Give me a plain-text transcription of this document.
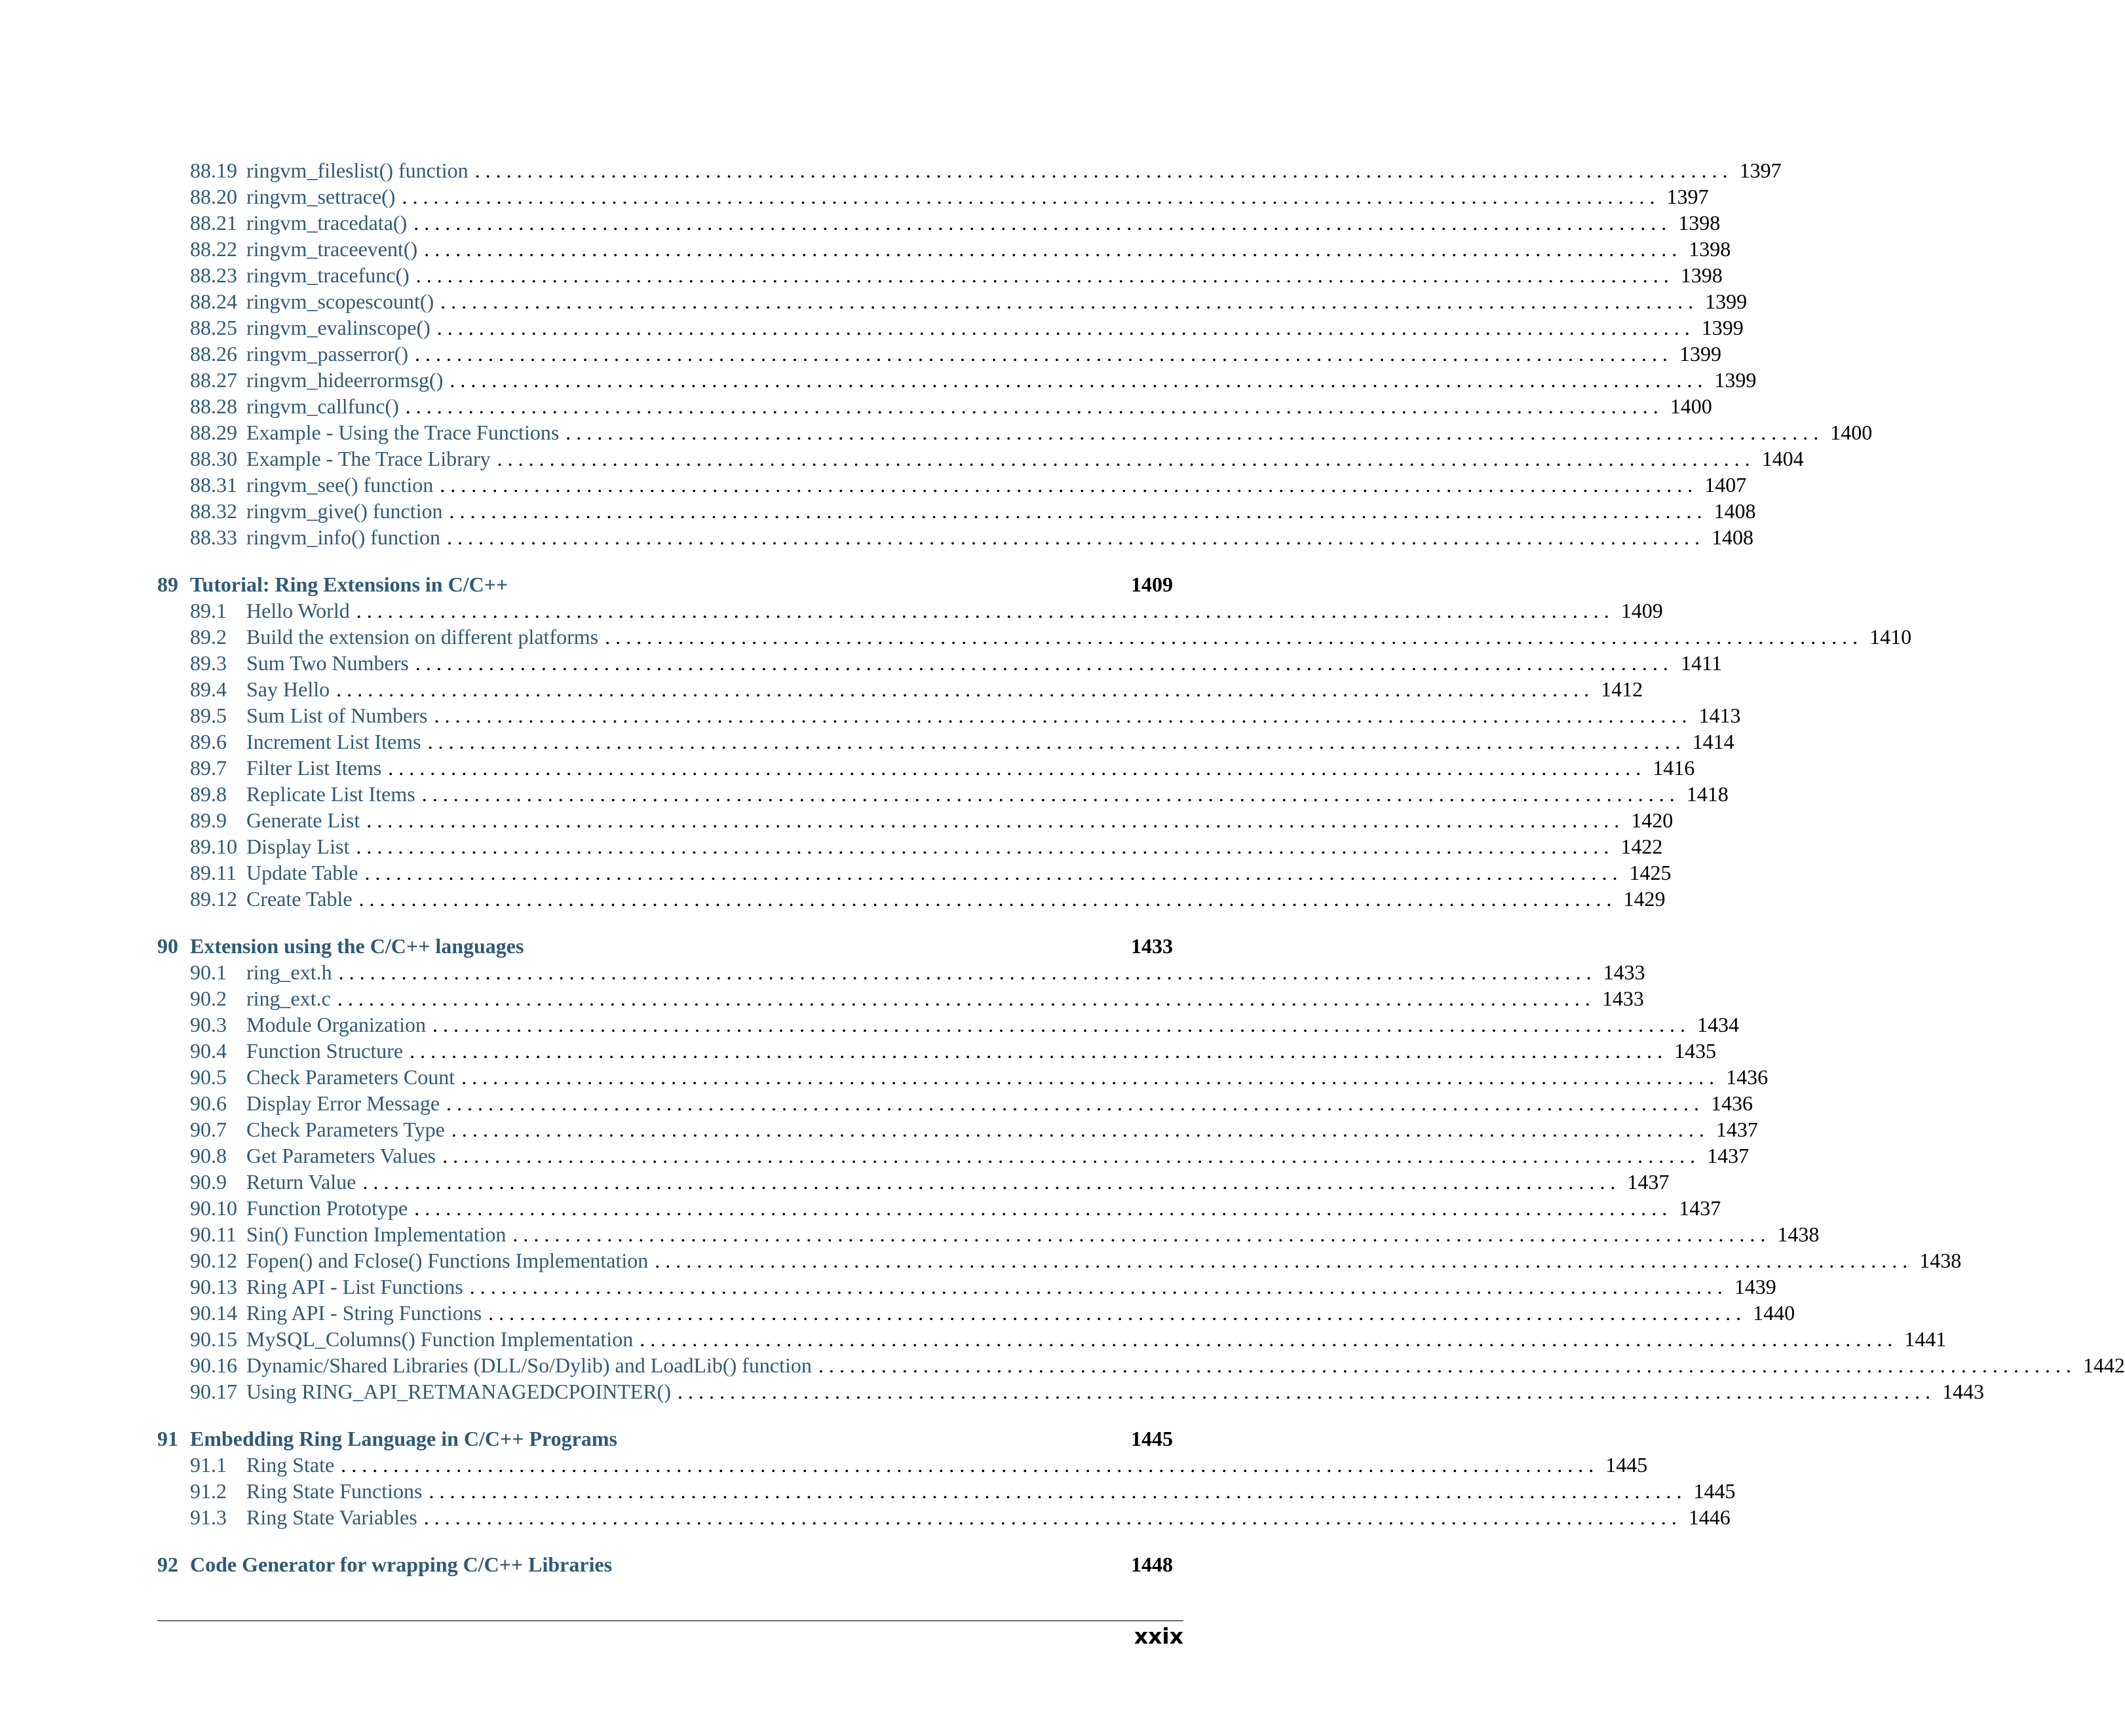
88.19 ringvm_fileslist() function . . . . . . . . . . . . . . . . . . . . . . . . . . . . . . . . . . . . . . . . . . . . . . . . . . . . . . . . . . . . . . . . . . . . . . . . . . . . . . . . . . . . . . . . . . . . . . . . . . . . . . . . . . . . . . . . . . . . . . . . 1397
88.20 ringvm_settrace() . . . . . . . . . . . . . . . . . . . . . . . . . . . . . . . . . . . . . . . . . . . . . . . . . . . . . . . . . . . . . . . . . . . . . . . . . . . . . . . . . . . . . . . . . . . . . . . . . . . . . . . . . . . . . . . . . . . . . . . . 1397
88.21 ringvm_tracedata() . . . . . . . . . . . . . . . . . . . . . . . . . . . . . . . . . . . . . . . . . . . . . . . . . . . . . . . . . . . . . . . . . . . . . . . . . . . . . . . . . . . . . . . . . . . . . . . . . . . . . . . . . . . . . . . . . . . . . . . . 1398
88.22 ringvm_traceevent() . . . . . . . . . . . . . . . . . . . . . . . . . . . . . . . . . . . . . . . . . . . . . . . . . . . . . . . . . . . . . . . . . . . . . . . . . . . . . . . . . . . . . . . . . . . . . . . . . . . . . . . . . . . . . . . . . . . . . . . . 1398
88.23 ringvm_tracefunc() . . . . . . . . . . . . . . . . . . . . . . . . . . . . . . . . . . . . . . . . . . . . . . . . . . . . . . . . . . . . . . . . . . . . . . . . . . . . . . . . . . . . . . . . . . . . . . . . . . . . . . . . . . . . . . . . . . . . . . . . 1398
88.24 ringvm_scopescount() . . . . . . . . . . . . . . . . . . . . . . . . . . . . . . . . . . . . . . . . . . . . . . . . . . . . . . . . . . . . . . . . . . . . . . . . . . . . . . . . . . . . . . . . . . . . . . . . . . . . . . . . . . . . . . . . . . . . . . . . 1399
88.25 ringvm_evalinscope() . . . . . . . . . . . . . . . . . . . . . . . . . . . . . . . . . . . . . . . . . . . . . . . . . . . . . . . . . . . . . . . . . . . . . . . . . . . . . . . . . . . . . . . . . . . . . . . . . . . . . . . . . . . . . . . . . . . . . . . . 1399
88.26 ringvm_passerror() . . . . . . . . . . . . . . . . . . . . . . . . . . . . . . . . . . . . . . . . . . . . . . . . . . . . . . . . . . . . . . . . . . . . . . . . . . . . . . . . . . . . . . . . . . . . . . . . . . . . . . . . . . . . . . . . . . . . . . . . 1399
88.27 ringvm_hideerrormsg() . . . . . . . . . . . . . . . . . . . . . . . . . . . . . . . . . . . . . . . . . . . . . . . . . . . . . . . . . . . . . . . . . . . . . . . . . . . . . . . . . . . . . . . . . . . . . . . . . . . . . . . . . . . . . . . . . . . . . . . . 1399
88.28 ringvm_callfunc() . . . . . . . . . . . . . . . . . . . . . . . . . . . . . . . . . . . . . . . . . . . . . . . . . . . . . . . . . . . . . . . . . . . . . . . . . . . . . . . . . . . . . . . . . . . . . . . . . . . . . . . . . . . . . . . . . . . . . . . . 1400
88.29 Example - Using the Trace Functions . . . . . . . . . . . . . . . . . . . . . . . . . . . . . . . . . . . . . . . . . . . . . . . . . . . . . . . . . . . . . . . . . . . . . . . . . . . . . . . . . . . . . . . . . . . . . . . . . . . . . . . . . . . . . . . . . . . . . . . . 1400
88.30 Example - The Trace Library . . . . . . . . . . . . . . . . . . . . . . . . . . . . . . . . . . . . . . . . . . . . . . . . . . . . . . . . . . . . . . . . . . . . . . . . . . . . . . . . . . . . . . . . . . . . . . . . . . . . . . . . . . . . . . . . . . . . . . . . 1404
88.31 ringvm_see() function . . . . . . . . . . . . . . . . . . . . . . . . . . . . . . . . . . . . . . . . . . . . . . . . . . . . . . . . . . . . . . . . . . . . . . . . . . . . . . . . . . . . . . . . . . . . . . . . . . . . . . . . . . . . . . . . . . . . . . . . 1407
88.32 ringvm_give() function . . . . . . . . . . . . . . . . . . . . . . . . . . . . . . . . . . . . . . . . . . . . . . . . . . . . . . . . . . . . . . . . . . . . . . . . . . . . . . . . . . . . . . . . . . . . . . . . . . . . . . . . . . . . . . . . . . . . . . . . 1408
88.33 ringvm_info() function . . . . . . . . . . . . . . . . . . . . . . . . . . . . . . . . . . . . . . . . . . . . . . . . . . . . . . . . . . . . . . . . . . . . . . . . . . . . . . . . . . . . . . . . . . . . . . . . . . . . . . . . . . . . . . . . . . . . . . . . 1408
89 Tutorial: Ring Extensions in C/C++	1409
89.1 Hello World . . . . . . . . . . . . . . . . . . . . . . . . . . . . . . . . . . . . . . . . . . . . . . . . . . . . . . . . . . . . . . . . . . . . . . . . . . . . . . . . . . . . . . . . . . . . . . . . . . . . . . . . . . . . . . . . . . . . . . . . 1409
89.2 Build the extension on different platforms . . . . . . . . . . . . . . . . . . . . . . . . . . . . . . . . . . . . . . . . . . . . . . . . . . . . . . . . . . . . . . . . . . . . . . . . . . . . . . . . . . . . . . . . . . . . . . . . . . . . . . . . . . . . . . . . . . . . . . . . 1410
89.3 Sum Two Numbers . . . . . . . . . . . . . . . . . . . . . . . . . . . . . . . . . . . . . . . . . . . . . . . . . . . . . . . . . . . . . . . . . . . . . . . . . . . . . . . . . . . . . . . . . . . . . . . . . . . . . . . . . . . . . . . . . . . . . . . . 1411
89.4 Say Hello . . . . . . . . . . . . . . . . . . . . . . . . . . . . . . . . . . . . . . . . . . . . . . . . . . . . . . . . . . . . . . . . . . . . . . . . . . . . . . . . . . . . . . . . . . . . . . . . . . . . . . . . . . . . . . . . . . . . . . . . 1412
89.5 Sum List of Numbers . . . . . . . . . . . . . . . . . . . . . . . . . . . . . . . . . . . . . . . . . . . . . . . . . . . . . . . . . . . . . . . . . . . . . . . . . . . . . . . . . . . . . . . . . . . . . . . . . . . . . . . . . . . . . . . . . . . . . . . . 1413
89.6 Increment List Items . . . . . . . . . . . . . . . . . . . . . . . . . . . . . . . . . . . . . . . . . . . . . . . . . . . . . . . . . . . . . . . . . . . . . . . . . . . . . . . . . . . . . . . . . . . . . . . . . . . . . . . . . . . . . . . . . . . . . . . . 1414
89.7 Filter List Items . . . . . . . . . . . . . . . . . . . . . . . . . . . . . . . . . . . . . . . . . . . . . . . . . . . . . . . . . . . . . . . . . . . . . . . . . . . . . . . . . . . . . . . . . . . . . . . . . . . . . . . . . . . . . . . . . . . . . . . . 1416
89.8 Replicate List Items . . . . . . . . . . . . . . . . . . . . . . . . . . . . . . . . . . . . . . . . . . . . . . . . . . . . . . . . . . . . . . . . . . . . . . . . . . . . . . . . . . . . . . . . . . . . . . . . . . . . . . . . . . . . . . . . . . . . . . . . 1418
89.9 Generate List . . . . . . . . . . . . . . . . . . . . . . . . . . . . . . . . . . . . . . . . . . . . . . . . . . . . . . . . . . . . . . . . . . . . . . . . . . . . . . . . . . . . . . . . . . . . . . . . . . . . . . . . . . . . . . . . . . . . . . . . 1420
89.10 Display List . . . . . . . . . . . . . . . . . . . . . . . . . . . . . . . . . . . . . . . . . . . . . . . . . . . . . . . . . . . . . . . . . . . . . . . . . . . . . . . . . . . . . . . . . . . . . . . . . . . . . . . . . . . . . . . . . . . . . . . . 1422
89.11 Update Table . . . . . . . . . . . . . . . . . . . . . . . . . . . . . . . . . . . . . . . . . . . . . . . . . . . . . . . . . . . . . . . . . . . . . . . . . . . . . . . . . . . . . . . . . . . . . . . . . . . . . . . . . . . . . . . . . . . . . . . . 1425
89.12 Create Table . . . . . . . . . . . . . . . . . . . . . . . . . . . . . . . . . . . . . . . . . . . . . . . . . . . . . . . . . . . . . . . . . . . . . . . . . . . . . . . . . . . . . . . . . . . . . . . . . . . . . . . . . . . . . . . . . . . . . . . . 1429
90 Extension using the C/C++ languages	1433
90.1 ring_ext.h . . . . . . . . . . . . . . . . . . . . . . . . . . . . . . . . . . . . . . . . . . . . . . . . . . . . . . . . . . . . . . . . . . . . . . . . . . . . . . . . . . . . . . . . . . . . . . . . . . . . . . . . . . . . . . . . . . . . . . . . 1433
90.2 ring_ext.c . . . . . . . . . . . . . . . . . . . . . . . . . . . . . . . . . . . . . . . . . . . . . . . . . . . . . . . . . . . . . . . . . . . . . . . . . . . . . . . . . . . . . . . . . . . . . . . . . . . . . . . . . . . . . . . . . . . . . . . . 1433
90.3 Module Organization . . . . . . . . . . . . . . . . . . . . . . . . . . . . . . . . . . . . . . . . . . . . . . . . . . . . . . . . . . . . . . . . . . . . . . . . . . . . . . . . . . . . . . . . . . . . . . . . . . . . . . . . . . . . . . . . . . . . . . . . 1434
90.4 Function Structure . . . . . . . . . . . . . . . . . . . . . . . . . . . . . . . . . . . . . . . . . . . . . . . . . . . . . . . . . . . . . . . . . . . . . . . . . . . . . . . . . . . . . . . . . . . . . . . . . . . . . . . . . . . . . . . . . . . . . . . . 1435
90.5 Check Parameters Count . . . . . . . . . . . . . . . . . . . . . . . . . . . . . . . . . . . . . . . . . . . . . . . . . . . . . . . . . . . . . . . . . . . . . . . . . . . . . . . . . . . . . . . . . . . . . . . . . . . . . . . . . . . . . . . . . . . . . . . . 1436
90.6 Display Error Message . . . . . . . . . . . . . . . . . . . . . . . . . . . . . . . . . . . . . . . . . . . . . . . . . . . . . . . . . . . . . . . . . . . . . . . . . . . . . . . . . . . . . . . . . . . . . . . . . . . . . . . . . . . . . . . . . . . . . . . . 1436
90.7 Check Parameters Type . . . . . . . . . . . . . . . . . . . . . . . . . . . . . . . . . . . . . . . . . . . . . . . . . . . . . . . . . . . . . . . . . . . . . . . . . . . . . . . . . . . . . . . . . . . . . . . . . . . . . . . . . . . . . . . . . . . . . . . . 1437
90.8 Get Parameters Values . . . . . . . . . . . . . . . . . . . . . . . . . . . . . . . . . . . . . . . . . . . . . . . . . . . . . . . . . . . . . . . . . . . . . . . . . . . . . . . . . . . . . . . . . . . . . . . . . . . . . . . . . . . . . . . . . . . . . . . . 1437
90.9 Return Value . . . . . . . . . . . . . . . . . . . . . . . . . . . . . . . . . . . . . . . . . . . . . . . . . . . . . . . . . . . . . . . . . . . . . . . . . . . . . . . . . . . . . . . . . . . . . . . . . . . . . . . . . . . . . . . . . . . . . . . . 1437
90.10 Function Prototype . . . . . . . . . . . . . . . . . . . . . . . . . . . . . . . . . . . . . . . . . . . . . . . . . . . . . . . . . . . . . . . . . . . . . . . . . . . . . . . . . . . . . . . . . . . . . . . . . . . . . . . . . . . . . . . . . . . . . . . . 1437
90.11 Sin() Function Implementation . . . . . . . . . . . . . . . . . . . . . . . . . . . . . . . . . . . . . . . . . . . . . . . . . . . . . . . . . . . . . . . . . . . . . . . . . . . . . . . . . . . . . . . . . . . . . . . . . . . . . . . . . . . . . . . . . . . . . . . . 1438
90.12 Fopen() and Fclose() Functions Implementation . . . . . . . . . . . . . . . . . . . . . . . . . . . . . . . . . . . . . . . . . . . . . . . . . . . . . . . . . . . . . . . . . . . . . . . . . . . . . . . . . . . . . . . . . . . . . . . . . . . . . . . . . . . . . . . . . . . . . . . . 1438
90.13 Ring API - List Functions . . . . . . . . . . . . . . . . . . . . . . . . . . . . . . . . . . . . . . . . . . . . . . . . . . . . . . . . . . . . . . . . . . . . . . . . . . . . . . . . . . . . . . . . . . . . . . . . . . . . . . . . . . . . . . . . . . . . . . . . 1439
90.14 Ring API - String Functions . . . . . . . . . . . . . . . . . . . . . . . . . . . . . . . . . . . . . . . . . . . . . . . . . . . . . . . . . . . . . . . . . . . . . . . . . . . . . . . . . . . . . . . . . . . . . . . . . . . . . . . . . . . . . . . . . . . . . . . . 1440
90.15 MySQL_Columns() Function Implementation . . . . . . . . . . . . . . . . . . . . . . . . . . . . . . . . . . . . . . . . . . . . . . . . . . . . . . . . . . . . . . . . . . . . . . . . . . . . . . . . . . . . . . . . . . . . . . . . . . . . . . . . . . . . . . . . . . . . . . . . 1441
90.16 Dynamic/Shared Libraries (DLL/So/Dylib) and LoadLib() function . . . . . . . . . . . . . . . . . . . . . . . . . . . . . . . . . . . . . . . . . . . . . . . . . . . . . . . . . . . . . . . . . . . . . . . . . . . . . . . . . . . . . . . . . . . . . . . . . . . . . . . . . . . . . . . . . . . . . . . . 1442
90.17 Using RING_API_RETMANAGEDCPOINTER() . . . . . . . . . . . . . . . . . . . . . . . . . . . . . . . . . . . . . . . . . . . . . . . . . . . . . . . . . . . . . . . . . . . . . . . . . . . . . . . . . . . . . . . . . . . . . . . . . . . . . . . . . . . . . . . . . . . . . . . . 1443
91 Embedding Ring Language in C/C++ Programs	1445
91.1 Ring State . . . . . . . . . . . . . . . . . . . . . . . . . . . . . . . . . . . . . . . . . . . . . . . . . . . . . . . . . . . . . . . . . . . . . . . . . . . . . . . . . . . . . . . . . . . . . . . . . . . . . . . . . . . . . . . . . . . . . . . . 1445
91.2 Ring State Functions . . . . . . . . . . . . . . . . . . . . . . . . . . . . . . . . . . . . . . . . . . . . . . . . . . . . . . . . . . . . . . . . . . . . . . . . . . . . . . . . . . . . . . . . . . . . . . . . . . . . . . . . . . . . . . . . . . . . . . . . 1445
91.3 Ring State Variables . . . . . . . . . . . . . . . . . . . . . . . . . . . . . . . . . . . . . . . . . . . . . . . . . . . . . . . . . . . . . . . . . . . . . . . . . . . . . . . . . . . . . . . . . . . . . . . . . . . . . . . . . . . . . . . . . . . . . . . . 1446
92 Code Generator for wrapping C/C++ Libraries	1448
xxix
